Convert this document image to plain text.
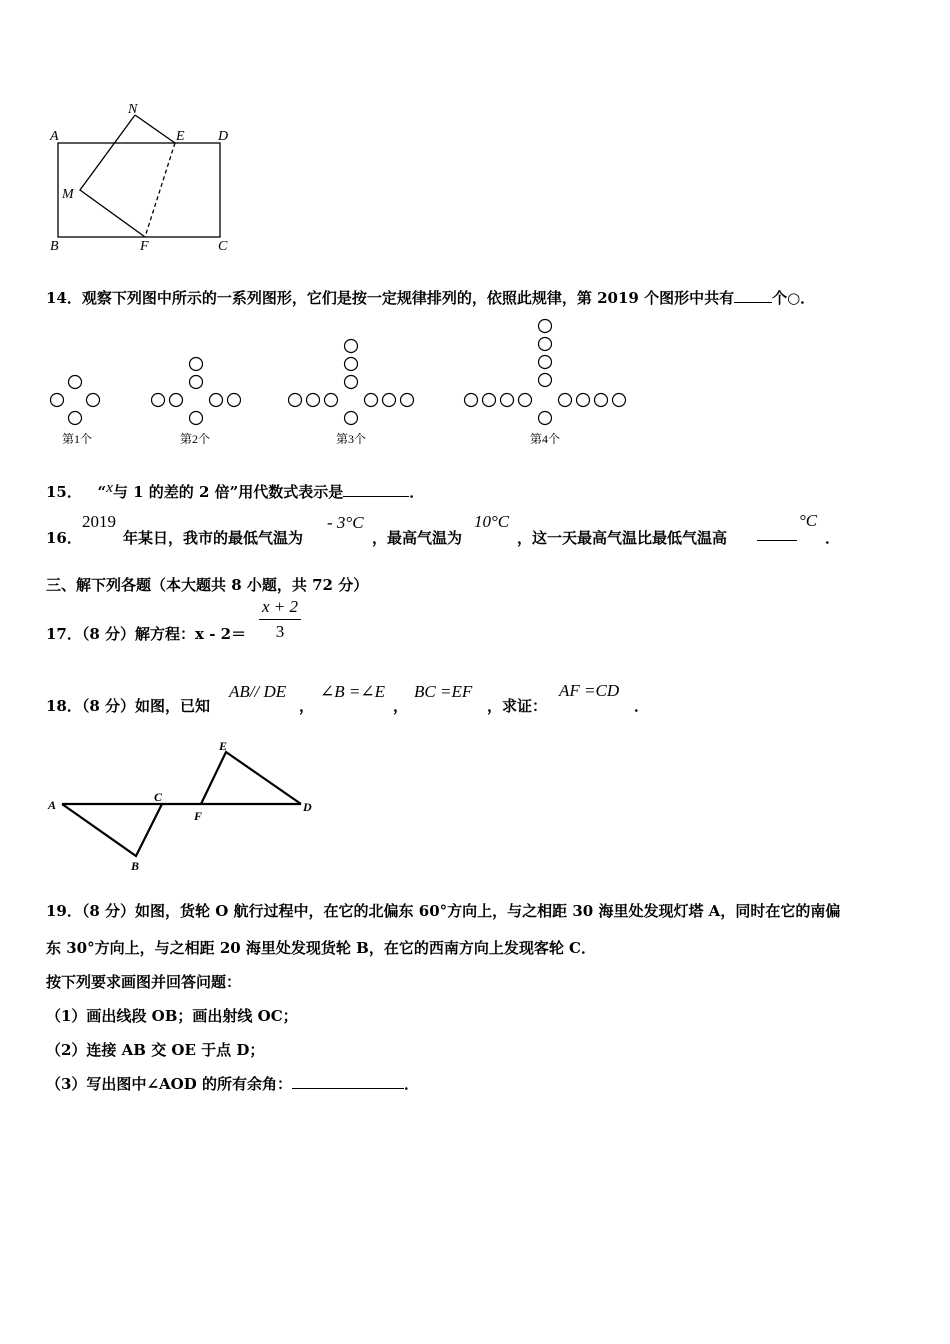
N
A	E D
M
B	F	C
14．观察下列图中所示的一系列图形，它们是按一定规律排列的，依照此规律，第 2019 个图形中共有	个○．
第1个	第2个	第3个	第4个
15． “x与 1 的差的 2 倍”用代数式表示是	．
16．
2019
年某日，我市的最低气温为
- 3°C
，最高气温为
10°C
，这一天最高气温比最低气温高
°C
．
三、解下列各题（本大题共 8 小题，共 72 分）
17．（8 分）解方程：x - 2＝
x + 2
3
18．（8 分）如图，已知
AB// DE
，
∠B =∠E
，
BC =EF
，求证：
AF =CD
．
E
A
C
F
D
B
19．（8 分）如图，货轮 O 航行过程中，在它的北偏东 60°方向上，与之相距 30 海里处发现灯塔 A，同时在它的南偏
东 30°方向上，与之相距 20 海里处发现货轮 B，在它的西南方向上发现客轮 C．
按下列要求画图并回答问题：
（1）画出线段 OB；画出射线 OC；
（2）连接 AB 交 OE 于点 D；
（3）写出图中∠AOD 的所有余角：	．
